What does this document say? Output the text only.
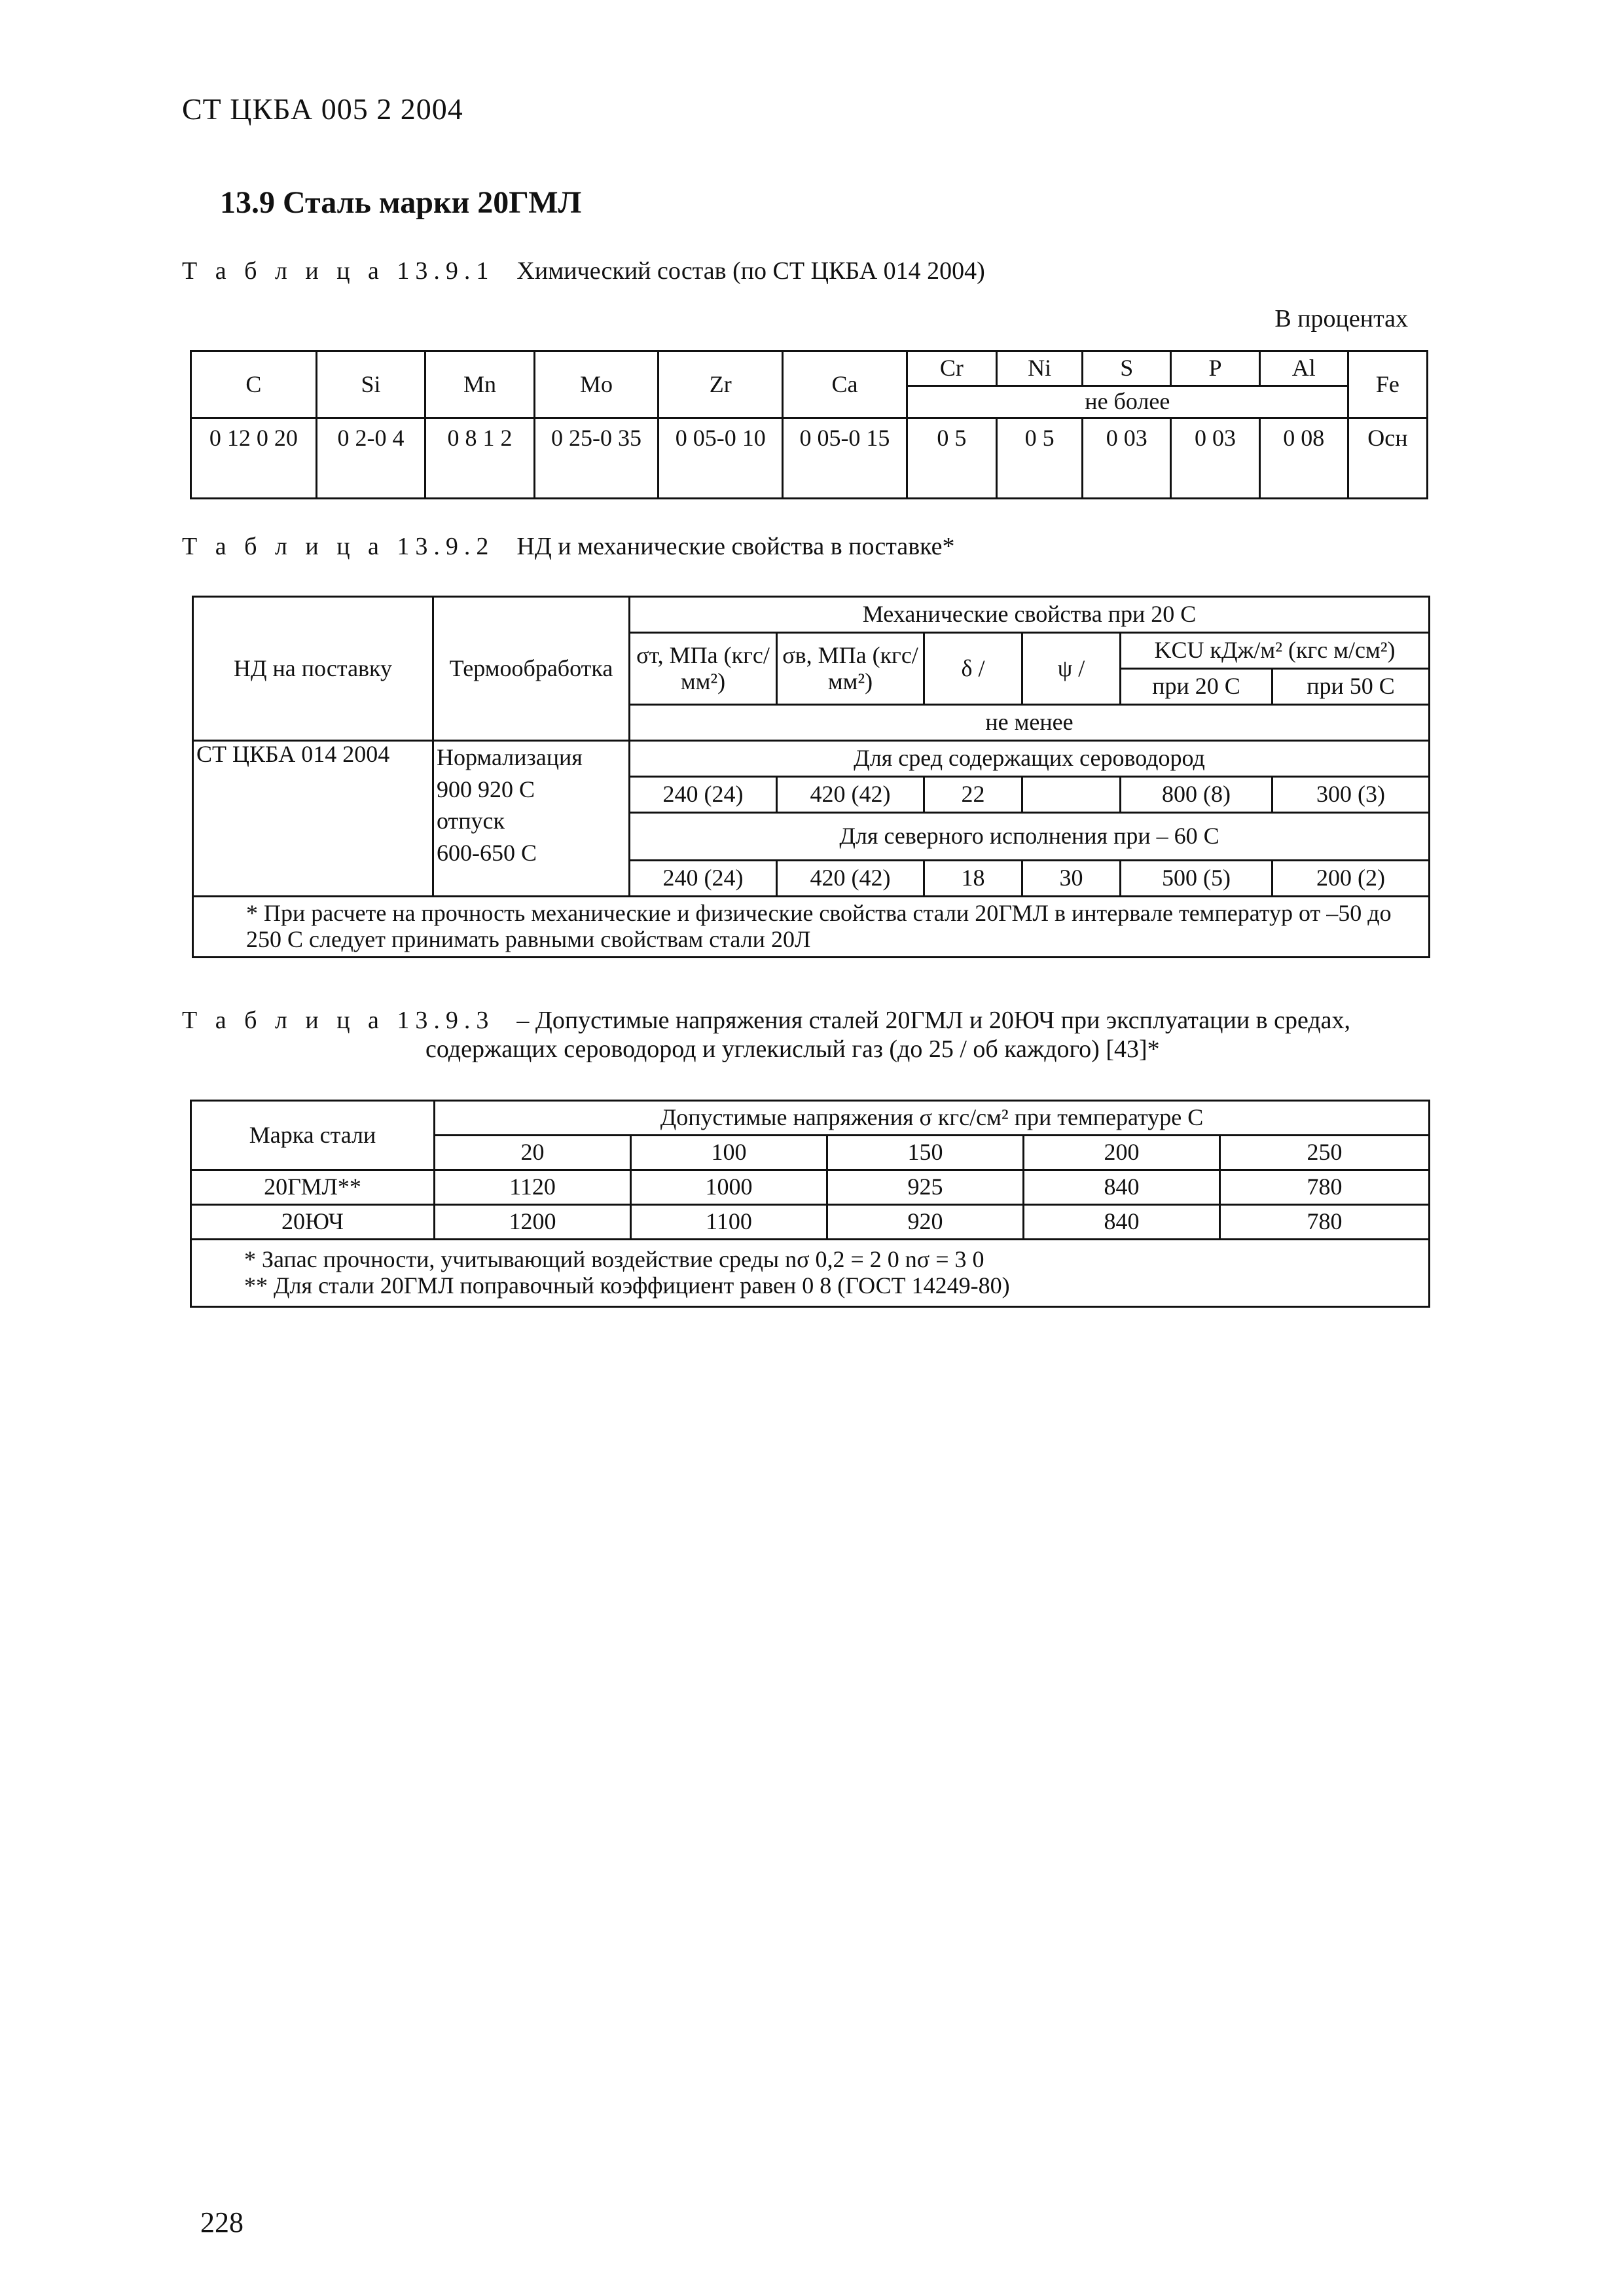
СТ ЦКБА 005 2 2004
13.9 Сталь марки 20ГМЛ
Т а б л и ц а 13.9.1 Химический состав (по СТ ЦКБА 014 2004)
В процентах
C	Si	Mn	Mo	Zr	Ca	Cr	Ni	S	P	Al	Fe
						не более					
0 12 0 20	0 2-0 4	0 8 1 2	0 25-0 35	0 05-0 10	0 05-0 15	0 5	0 5	0 03	0 03	0 08	Осн
Т а б л и ц а 13.9.2 НД и механические свойства в поставке*
НД на поставку	Термообработка	Механические свойства при 20 C					
		σт, МПа (кгс/мм²)	σв, МПа (кгс/мм²)	δ /	ψ /	KCU кДж/м² (кгс м/см²)	
						при 20 C	при 50 C
		не менее					
СТ ЦКБА 014 2004	Нормализация
900 920 C
отпуск
600-650 C	Для сред содержащих сероводород					
		240 (24)	420 (42)	22		800 (8)	300 (3)
		Для северного исполнения при – 60 C					
		240 (24)	420 (42)	18	30	500 (5)	200 (2)
* При расчете на прочность механические и физические свойства стали 20ГМЛ в интервале температур от –50 до 250 C следует принимать равными свойствам стали 20Л							
Т а б л и ц а 13.9.3 – Допустимые напряжения сталей 20ГМЛ и 20ЮЧ при эксплуатации в средах,
содержащих сероводород и углекислый газ (до 25 / об каждого) [43]*
Марка стали	Допустимые напряжения σ кгс/см² при температуре C				
	20	100	150	200	250
20ГМЛ**	1120	1000	925	840	780
20ЮЧ	1200	1100	920	840	780

* Запас прочности, учитывающий воздействие среды nσ 0,2 = 2 0 nσ = 3 0
** Для стали 20ГМЛ поправочный коэффициент равен 0 8 (ГОСТ 14249-80)					
228
